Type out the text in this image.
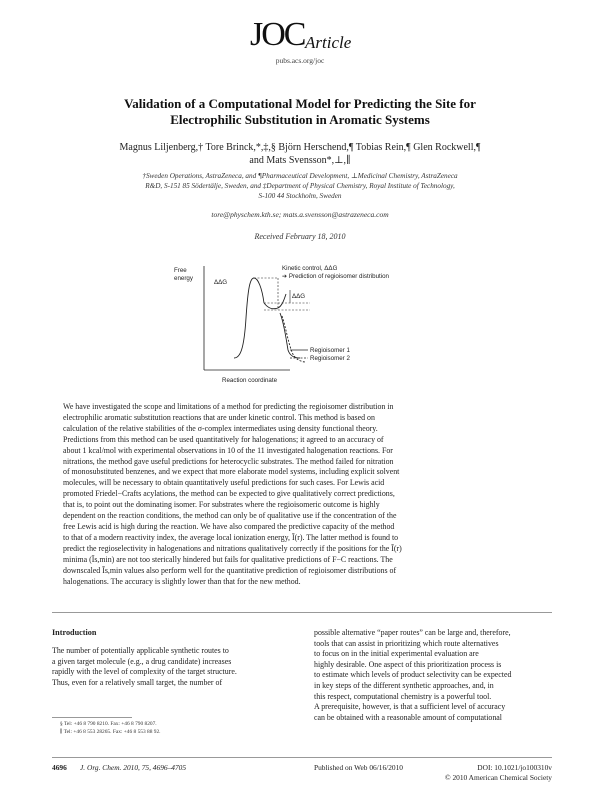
JOC Article
pubs.acs.org/joc
Validation of a Computational Model for Predicting the Site for
Electrophilic Substitution in Aromatic Systems
Magnus Liljenberg,† Tore Brinck,*,‡,§ Björn Herschend,¶ Tobias Rein,¶ Glen Rockwell,¶
and Mats Svensson*,⊥,∥
†Sweden Operations, AstraZeneca, and ¶Pharmaceutical Development, ⊥Medicinal Chemistry, AstraZeneca
R&D, S-151 85 Södertälje, Sweden, and ‡Department of Physical Chemistry, Royal Institute of Technology,
S-100 44 Stockholm, Sweden
tore@physchem.kth.se; mats.a.svensson@astrazeneca.com
Received February 18, 2010
Free
energy
ΔΔG
Kinetic control, ΔΔG
➔ Prediction of regioisomer distribution
ΔΔG
Regioisomer 1
Regioisomer 2
Reaction coordinate
We have investigated the scope and limitations of a method for predicting the regioisomer distribution in
electrophilic aromatic substitution reactions that are under kinetic control. This method is based on
calculation of the relative stabilities of the σ-complex intermediates using density functional theory.
Predictions from this method can be used quantitatively for halogenations; it agreed to an accuracy of
about 1 kcal/mol with experimental observations in 10 of the 11 investigated halogenation reactions. For
nitrations, the method gave useful predictions for heterocyclic substrates. The method failed for nitration
of monosubstituted benzenes, and we expect that more elaborate model systems, including explicit solvent
molecules, will be necessary to obtain quantitatively useful predictions for such cases. For Lewis acid
promoted Friedel−Crafts acylations, the method can be expected to give qualitatively correct predictions,
that is, to point out the dominating isomer. For substrates where the regioisomeric outcome is highly
dependent on the reaction conditions, the method can only be of qualitative use if the concentration of the
free Lewis acid is high during the reaction. We have also compared the predictive capacity of the method
to that of a modern reactivity index, the average local ionization energy, Ī(r). The latter method is found to
predict the regioselectivity in halogenations and nitrations qualitatively correctly if the positions for the Ī(r)
minima (Īs,min) are not too sterically hindered but fails for qualitative predictions of F−C reactions. The
downscaled Īs,min values also perform well for the quantitative prediction of regioisomer distributions of
halogenations. The accuracy is slightly lower than that for the new method.
Introduction
The number of potentially applicable synthetic routes to
a given target molecule (e.g., a drug candidate) increases
rapidly with the level of complexity of the target structure.
Thus, even for a relatively small target, the number of
possible alternative “paper routes” can be large and, therefore,
tools that can assist in prioritizing which route alternatives
to focus on in the initial experimental evaluation are
highly desirable. One aspect of this prioritization process is
to estimate which levels of product selectivity can be expected
in key steps of the different synthetic approaches, and, in
this respect, computational chemistry is a powerful tool.
A prerequisite, however, is that a sufficient level of accuracy
can be obtained with a reasonable amount of computational
§ Tel: +46 8 790 8210. Fax: +46 8 790 8207.
∥ Tel: +46 8 553 28265. Fax: +46 8 553 88 92.
4696 J. Org. Chem. 2010, 75, 4696–4705	Published on Web 06/16/2010	DOI: 10.1021/jo100310v
© 2010 American Chemical Society
